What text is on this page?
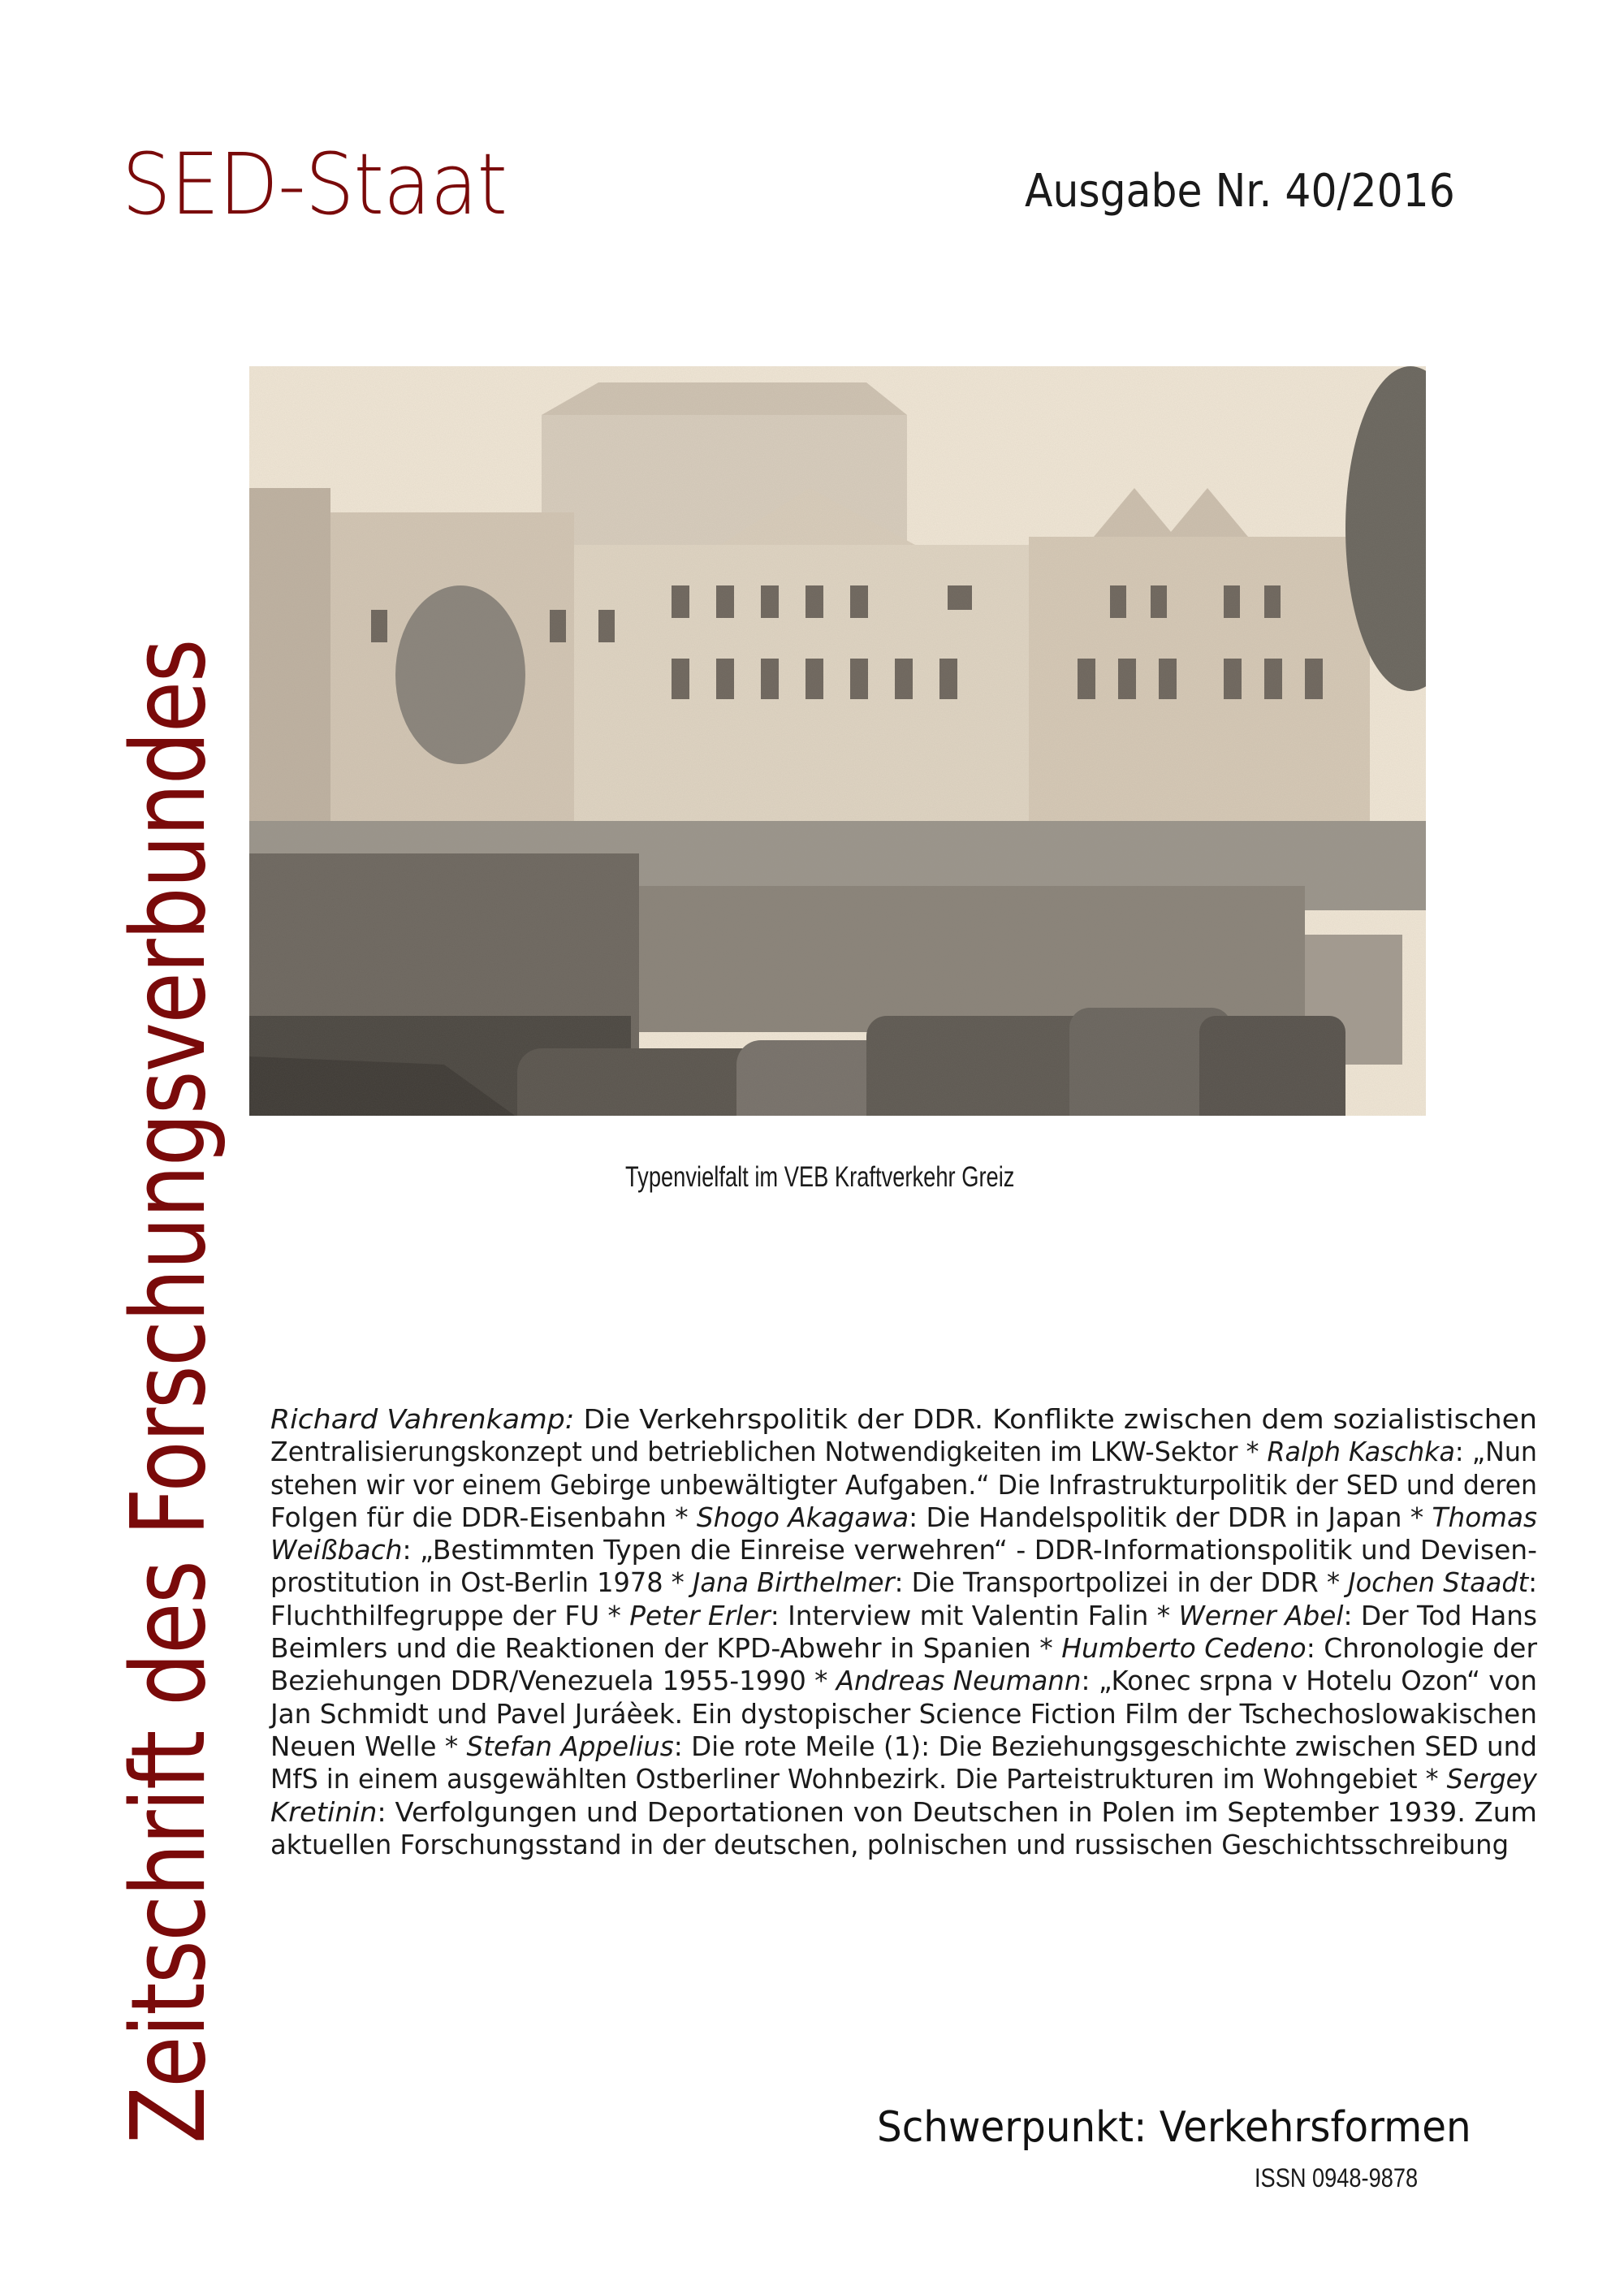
SED-Staat	Ausgabe Nr. 40/2016
Zeitschrift des Forschungsverbundes	Typenvielfalt im VEB Kraftverkehr Greiz
Richard Vahrenkamp: Die Verkehrspolitik der DDR. Konflikte zwischen dem sozialistischen
Zentralisierungskonzept und betrieblichen Notwendigkeiten im LKW-Sektor * Ralph Kaschka: „Nun
stehen wir vor einem Gebirge unbewältigter Aufgaben.“ Die Infrastrukturpolitik der SED und deren
Folgen für die DDR-Eisenbahn * Shogo Akagawa: Die Handelspolitik der DDR in Japan * Thomas
Weißbach: „Bestimmten Typen die Einreise verwehren“ - DDR-Informationspolitik und Devisen-
prostitution in Ost-Berlin 1978 * Jana Birthelmer: Die Transportpolizei in der DDR * Jochen Staadt:
Fluchthilfegruppe der FU * Peter Erler: Interview mit Valentin Falin * Werner Abel: Der Tod Hans
Beimlers und die Reaktionen der KPD-Abwehr in Spanien * Humberto Cedeno: Chronologie der
Beziehungen DDR/Venezuela 1955-1990 * Andreas Neumann: „Konec srpna v Hotelu Ozon“ von
Jan Schmidt und Pavel Juráèek. Ein dystopischer Science Fiction Film der Tschechoslowakischen
Neuen Welle * Stefan Appelius: Die rote Meile (1): Die Beziehungsgeschichte zwischen SED und
MfS in einem ausgewählten Ostberliner Wohnbezirk. Die Parteistrukturen im Wohngebiet * Sergey
Kretinin: Verfolgungen und Deportationen von Deutschen in Polen im September 1939. Zum
aktuellen Forschungsstand in der deutschen, polnischen und russischen Geschichtsschreibung
Schwerpunkt: Verkehrsformen
ISSN 0948-9878
